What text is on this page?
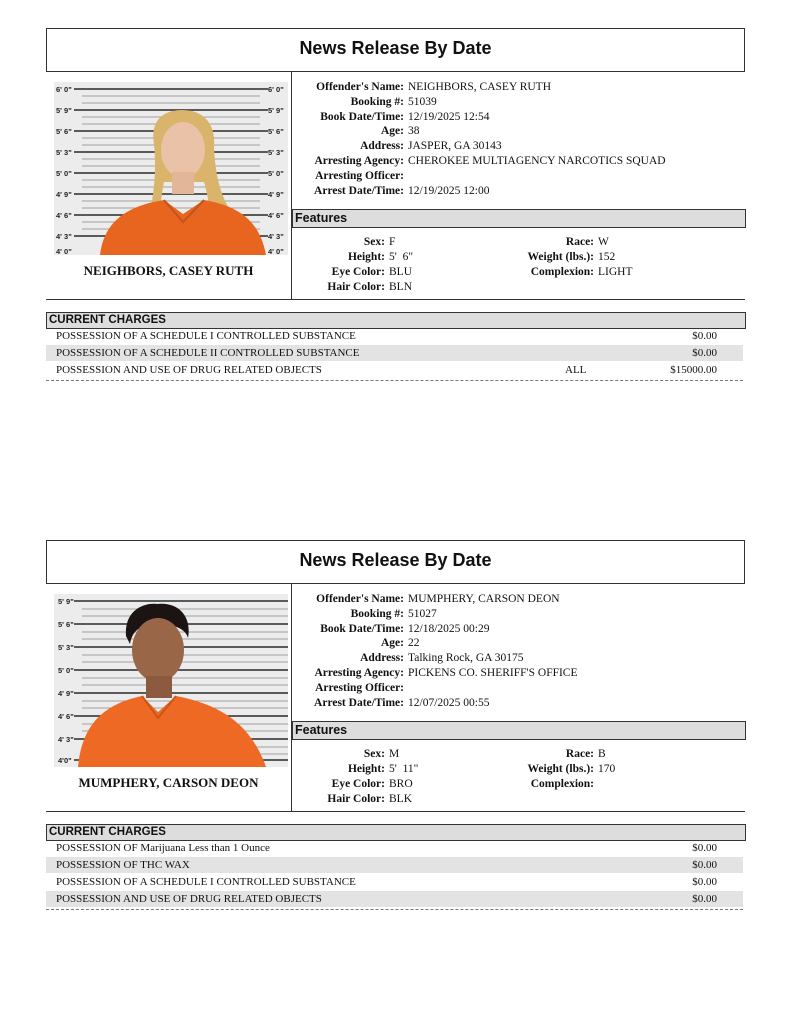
News Release By Date
6' 0"
5' 9"
5' 6"
5' 3"
5' 0"
4' 9"
4' 6"
4' 3"
4' 0"
6' 0"
5' 9"
5' 6"
5' 3"
5' 0"
4' 9"
4' 6"
4' 3"
4' 0"
NEIGHBORS, CASEY RUTH
Offender's Name: NEIGHBORS, CASEY RUTH
Booking #: 51039
Book Date/Time: 12/19/2025 12:54
Age: 38
Address: JASPER, GA 30143
Arresting Agency: CHEROKEE MULTIAGENCY NARCOTICS SQUAD
Arresting Officer:
Arrest Date/Time: 12/19/2025 12:00
Features
Sex: F
Height: 5'  6"
Eye Color: BLU
Hair Color: BLN
Race: W
Weight (lbs.): 152
Complexion: LIGHT
CURRENT CHARGES
POSSESSION OF A SCHEDULE I CONTROLLED SUBSTANCE	$0.00
POSSESSION OF A SCHEDULE II CONTROLLED SUBSTANCE	$0.00
POSSESSION AND USE OF DRUG RELATED OBJECTS	ALL	$15000.00
News Release By Date
5' 9"
5' 6"
5' 3"
5' 0"
4' 9"
4' 6"
4' 3"
4'0"
MUMPHERY, CARSON DEON
Offender's Name: MUMPHERY, CARSON DEON
Booking #: 51027
Book Date/Time: 12/18/2025 00:29
Age: 22
Address: Talking Rock, GA 30175
Arresting Agency: PICKENS CO. SHERIFF'S OFFICE
Arresting Officer:
Arrest Date/Time: 12/07/2025 00:55
Features
Sex: M
Height: 5'  11"
Eye Color: BRO
Hair Color: BLK
Race: B
Weight (lbs.): 170
Complexion:
CURRENT CHARGES
POSSESSION OF Marijuana Less than 1 Ounce	$0.00
POSSESSION OF THC WAX	$0.00
POSSESSION OF A SCHEDULE I CONTROLLED SUBSTANCE	$0.00
POSSESSION AND USE OF DRUG RELATED OBJECTS	$0.00
